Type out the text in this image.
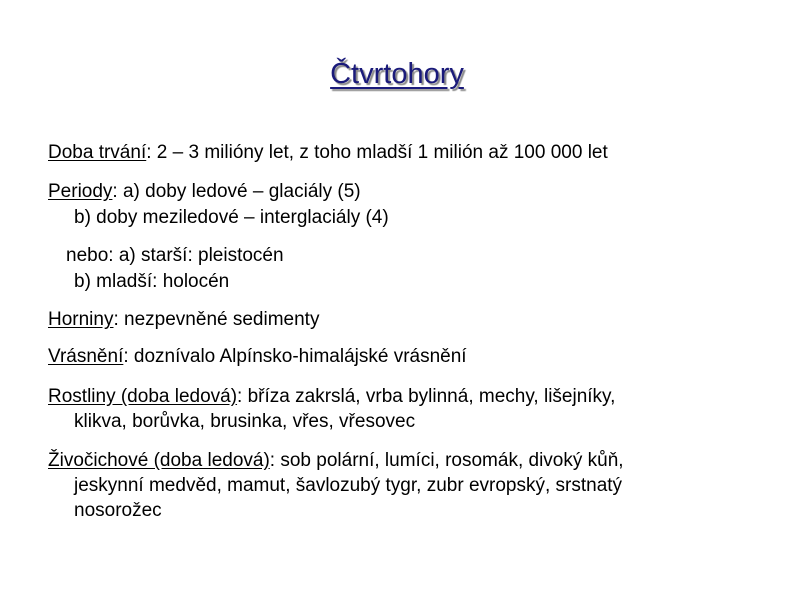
Čtvrtohory
Doba trvání: 2 – 3 milióny let, z toho mladší 1 milión až 100 000 let
Periody: a) doby ledové – glaciály (5)
b) doby meziledové – interglaciály (4)
nebo: a) starší: pleistocén
b) mladší: holocén
Horniny: nezpevněné sedimenty
Vrásnění: doznívalo Alpínsko-himalájské vrásnění
Rostliny (doba ledová): bříza zakrslá, vrba bylinná, mechy, lišejníky,
klikva, borůvka, brusinka, vřes, vřesovec
Živočichové (doba ledová): sob polární, lumíci, rosomák, divoký kůň,
jeskynní medvěd, mamut, šavlozubý tygr, zubr evropský, srstnatý
nosorožec
